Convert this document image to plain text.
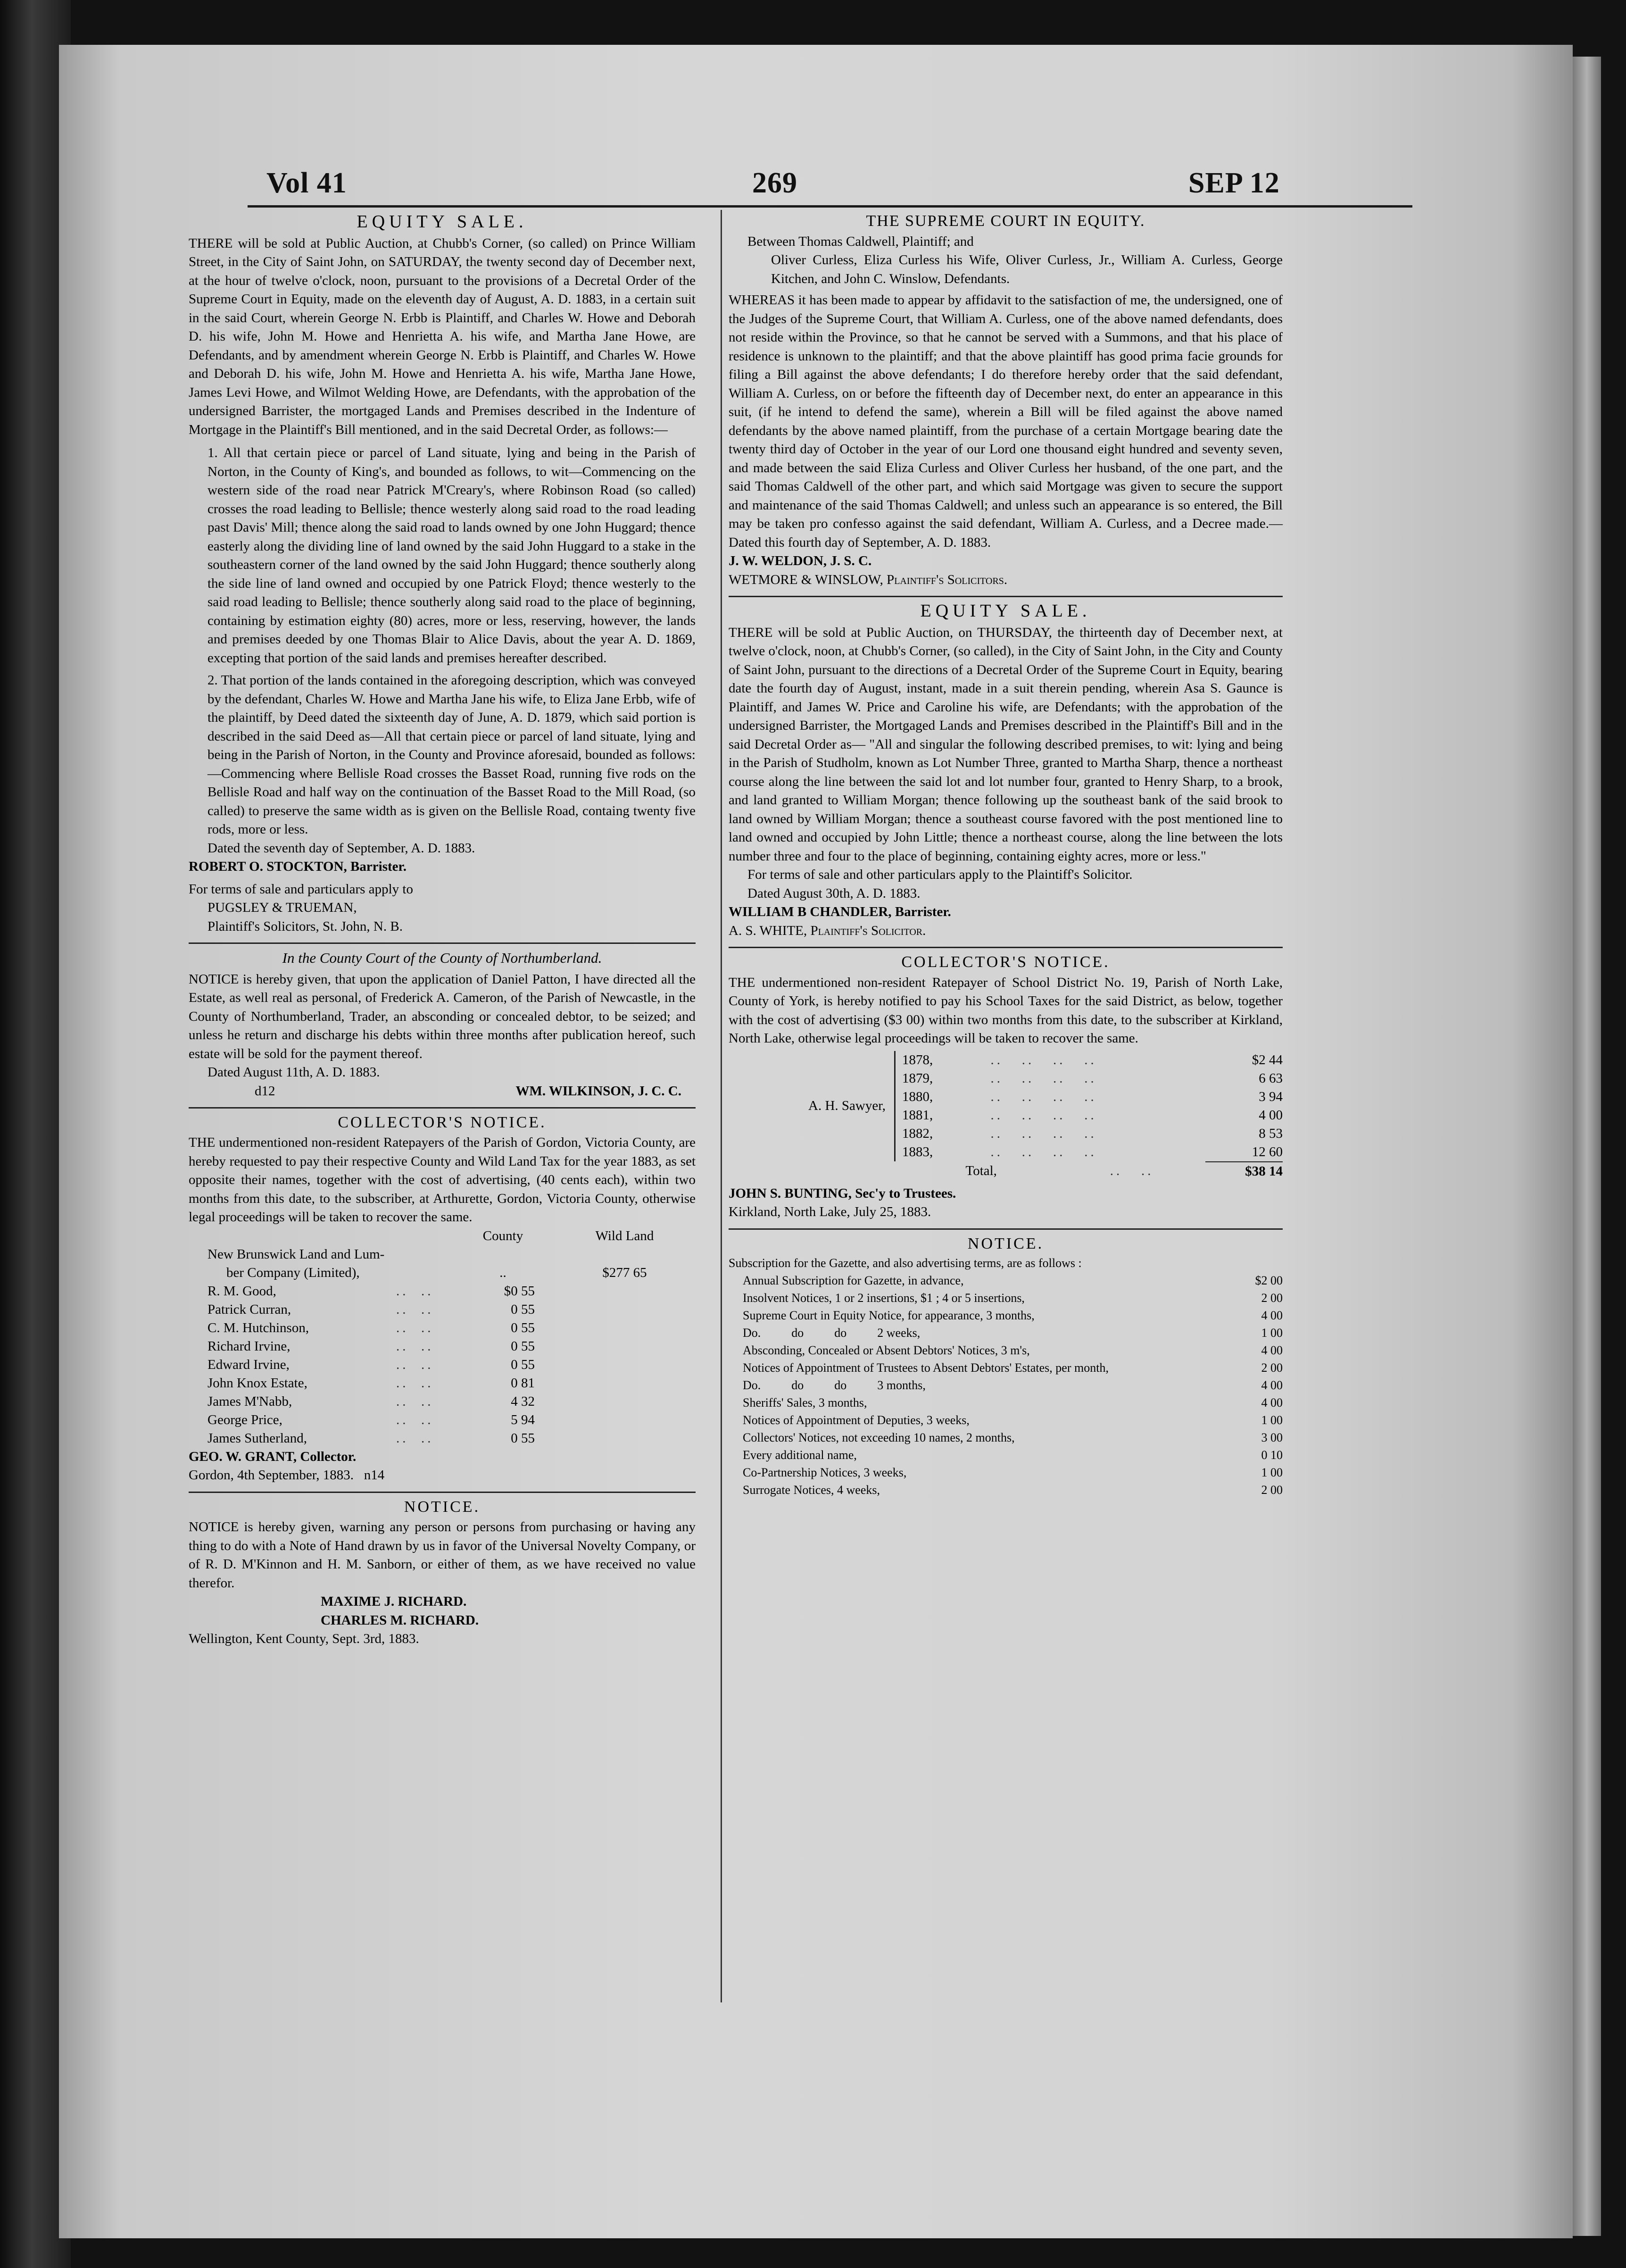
Vol 41	269	SEP 12
EQUITY SALE.

THERE will be sold at Public Auction, at Chubb's Corner, (so called) on Prince William Street, in the City of Saint John, on SATURDAY, the twenty second day of December next, at the hour of twelve o'clock, noon, pursuant to the provisions of a Decretal Order of the Supreme Court in Equity, made on the eleventh day of August, A. D. 1883, in a certain suit in the said Court, wherein George N. Erbb is Plaintiff, and Charles W. Howe and Deborah D. his wife, John M. Howe and Henrietta A. his wife, and Martha Jane Howe, are Defendants, and by amendment wherein George N. Erbb is Plaintiff, and Charles W. Howe and Deborah D. his wife, John M. Howe and Henrietta A. his wife, Martha Jane Howe, James Levi Howe, and Wilmot Welding Howe, are Defendants, with the approbation of the undersigned Barrister, the mortgaged Lands and Premises described in the Indenture of Mortgage in the Plaintiff's Bill mentioned, and in the said Decretal Order, as follows:—

1. All that certain piece or parcel of Land situate, lying and being in the Parish of Norton, in the County of King's, and bounded as follows, to wit—Commencing on the western side of the road near Patrick M'Creary's, where Robinson Road (so called) crosses the road leading to Bellisle; thence westerly along said road to the road leading past Davis' Mill; thence along the said road to lands owned by one John Huggard; thence easterly along the dividing line of land owned by the said John Huggard to a stake in the southeastern corner of the land owned by the said John Huggard; thence southerly along the side line of land owned and occupied by one Patrick Floyd; thence westerly to the said road leading to Bellisle; thence southerly along said road to the place of beginning, containing by estimation eighty (80) acres, more or less, reserving, however, the lands and premises deeded by one Thomas Blair to Alice Davis, about the year A. D. 1869, excepting that portion of the said lands and premises hereafter described.

2. That portion of the lands contained in the aforegoing description, which was conveyed by the defendant, Charles W. Howe and Martha Jane his wife, to Eliza Jane Erbb, wife of the plaintiff, by Deed dated the sixteenth day of June, A. D. 1879, which said portion is described in the said Deed as—All that certain piece or parcel of land situate, lying and being in the Parish of Norton, in the County and Province aforesaid, bounded as follows:—Commencing where Bellisle Road crosses the Basset Road, running five rods on the Bellisle Road and half way on the continuation of the Basset Road to the Mill Road, (so called) to preserve the same width as is given on the Bellisle Road, containg twenty five rods, more or less.

Dated the seventh day of September, A. D. 1883.

ROBERT O. STOCKTON, Barrister.

For terms of sale and particulars apply to

PUGSLEY & TRUEMAN,

Plaintiff's Solicitors, St. John, N. B.

In the County Court of the County of Northumberland.

NOTICE is hereby given, that upon the application of Daniel Patton, I have directed all the Estate, as well real as personal, of Frederick A. Cameron, of the Parish of Newcastle, in the County of Northumberland, Trader, an absconding or concealed debtor, to be seized; and unless he return and discharge his debts within three months after publication hereof, such estate will be sold for the payment thereof.

Dated August 11th, A. D. 1883.

d12	WM. WILKINSON, J. C. C.
COLLECTOR'S NOTICE.

THE undermentioned non-resident Ratepayers of the Parish of Gordon, Victoria County, are hereby requested to pay their respective County and Wild Land Tax for the year 1883, as set opposite their names, together with the cost of advertising, (40 cents each), within two months from this date, to the subscriber, at Arthurette, Gordon, Victoria County, otherwise legal proceedings will be taken to recover the same.

	County	Wild Land
New Brunswick Land and Lum-		
ber Company (Limited),	..	$277 65
R. M. Good,	..  ..	$0 55	
Patrick Curran,	..  ..	0 55	
C. M. Hutchinson,	..  ..	0 55	
Richard Irvine,	..  ..	0 55	
Edward Irvine,	..  ..	0 55	
John Knox Estate,	..  ..	0 81	
James M'Nabb,	..  ..	4 32	
George Price,	..  ..	5 94	
James Sutherland,	..  ..	0 55	

GEO. W. GRANT, Collector.

Gordon, 4th September, 1883. n14

NOTICE.

NOTICE is hereby given, warning any person or persons from purchasing or having any thing to do with a Note of Hand drawn by us in favor of the Universal Novelty Company, or of R. D. M'Kinnon and H. M. Sanborn, or either of them, as we have received no value therefor.

MAXIME J. RICHARD.

CHARLES M. RICHARD.

Wellington, Kent County, Sept. 3rd, 1883.

THE SUPREME COURT IN EQUITY.

Between Thomas Caldwell, Plaintiff; and

Oliver Curless, Eliza Curless his Wife, Oliver Curless, Jr., William A. Curless, George Kitchen, and John C. Winslow, Defendants.

WHEREAS it has been made to appear by affidavit to the satisfaction of me, the undersigned, one of the Judges of the Supreme Court, that William A. Curless, one of the above named defendants, does not reside within the Province, so that he cannot be served with a Summons, and that his place of residence is unknown to the plaintiff; and that the above plaintiff has good prima facie grounds for filing a Bill against the above defendants; I do therefore hereby order that the said defendant, William A. Curless, on or before the fifteenth day of December next, do enter an appearance in this suit, (if he intend to defend the same), wherein a Bill will be filed against the above named defendants by the above named plaintiff, from the purchase of a certain Mortgage bearing date the twenty third day of October in the year of our Lord one thousand eight hundred and seventy seven, and made between the said Eliza Curless and Oliver Curless her husband, of the one part, and the said Thomas Caldwell of the other part, and which said Mortgage was given to secure the support and maintenance of the said Thomas Caldwell; and unless such an appearance is so entered, the Bill may be taken pro confesso against the said defendant, William A. Curless, and a Decree made.—Dated this fourth day of September, A. D. 1883.

J. W. WELDON, J. S. C.

WETMORE & WINSLOW, Plaintiff's Solicitors.

EQUITY SALE.

THERE will be sold at Public Auction, on THURSDAY, the thirteenth day of December next, at twelve o'clock, noon, at Chubb's Corner, (so called), in the City of Saint John, in the City and County of Saint John, pursuant to the directions of a Decretal Order of the Supreme Court in Equity, bearing date the fourth day of August, instant, made in a suit therein pending, wherein Asa S. Gaunce is Plaintiff, and James W. Price and Caroline his wife, are Defendants; with the approbation of the undersigned Barrister, the Mortgaged Lands and Premises described in the Plaintiff's Bill and in the said Decretal Order as— "All and singular the following described premises, to wit: lying and being in the Parish of Studholm, known as Lot Number Three, granted to Martha Sharp, thence a northeast course along the line between the said lot and lot number four, granted to Henry Sharp, to a brook, and land granted to William Morgan; thence following up the southeast bank of the said brook to land owned by William Morgan; thence a southeast course favored with the post mentioned line to land owned and occupied by John Little; thence a northeast course, along the line between the lots number three and four to the place of beginning, containing eighty acres, more or less."

For terms of sale and other particulars apply to the Plaintiff's Solicitor.

Dated August 30th, A. D. 1883.

WILLIAM B CHANDLER, Barrister.

A. S. WHITE, Plaintiff's Solicitor.

COLLECTOR'S NOTICE.

THE undermentioned non-resident Ratepayer of School District No. 19, Parish of North Lake, County of York, is hereby notified to pay his School Taxes for the said District, as below, together with the cost of advertising ($3 00) within two months from this date, to the subscriber at Kirkland, North Lake, otherwise legal proceedings will be taken to recover the same.

A. H. Sawyer,	
1878,	..   ..   ..   ..	$2 44
1879,	..   ..   ..   ..	6 63
1880,	..   ..   ..   ..	3 94
1881,	..   ..   ..   ..	4 00
1882,	..   ..   ..   ..	8 53
1883,	..   ..   ..   ..	12 60

Total,	..   ..	$38 14

JOHN S. BUNTING, Sec'y to Trustees.

Kirkland, North Lake, July 25, 1883.

NOTICE.

Subscription for the Gazette, and also advertising terms, are as follows :

Annual Subscription for Gazette, in advance,	$2 00
Insolvent Notices, 1 or 2 insertions, $1 ; 4 or 5 insertions,	2 00
Supreme Court in Equity Notice, for appearance, 3 months,	4 00
Do.          do          do          2 weeks,	1 00
Absconding, Concealed or Absent Debtors' Notices, 3 m's,	4 00
Notices of Appointment of Trustees to Absent Debtors' Estates, per month,	2 00
Do.          do          do          3 months,	4 00
Sheriffs' Sales, 3 months,	4 00
Notices of Appointment of Deputies, 3 weeks,	1 00
Collectors' Notices, not exceeding 10 names, 2 months,	3 00
Every additional name,	0 10
Co-Partnership Notices, 3 weeks,	1 00
Surrogate Notices, 4 weeks,	2 00
